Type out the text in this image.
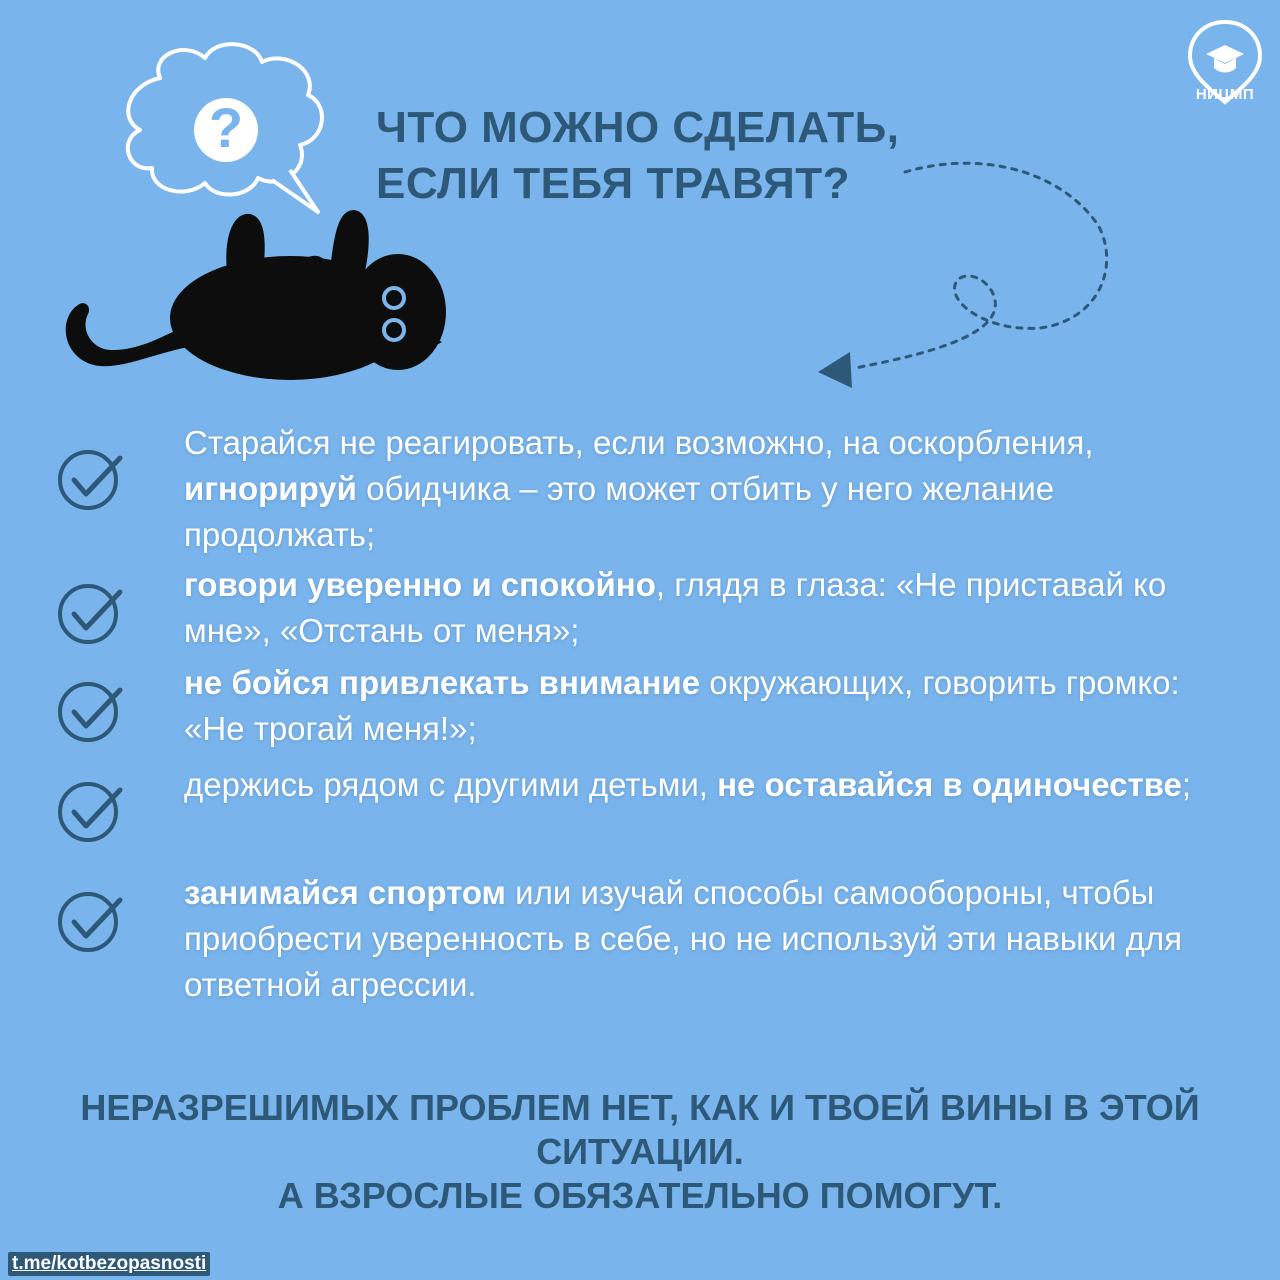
?
НИЦМП
ЧТО МОЖНО СДЕЛАТЬ,
ЕСЛИ ТЕБЯ ТРАВЯТ?
Старайся не реагировать, если возможно, на оскорбления, игнорируй обидчика – это может отбить у него желание продолжать;
говори уверенно и спокойно, глядя в глаза: «Не приставай ко мне», «Отстань от меня»;
не бойся привлекать внимание окружающих, говорить громко: «Не трогай меня!»;
держись рядом с другими детьми, не оставайся в одиночестве;
занимайся спортом или изучай способы самообороны, чтобы приобрести уверенность в себе, но не используй эти навыки для ответной агрессии.
НЕРАЗРЕШИМЫХ ПРОБЛЕМ НЕТ, КАК И ТВОЕЙ ВИНЫ В ЭТОЙ
СИТУАЦИИ.
А ВЗРОСЛЫЕ ОБЯЗАТЕЛЬНО ПОМОГУТ.
t.me/kotbezopasnosti
